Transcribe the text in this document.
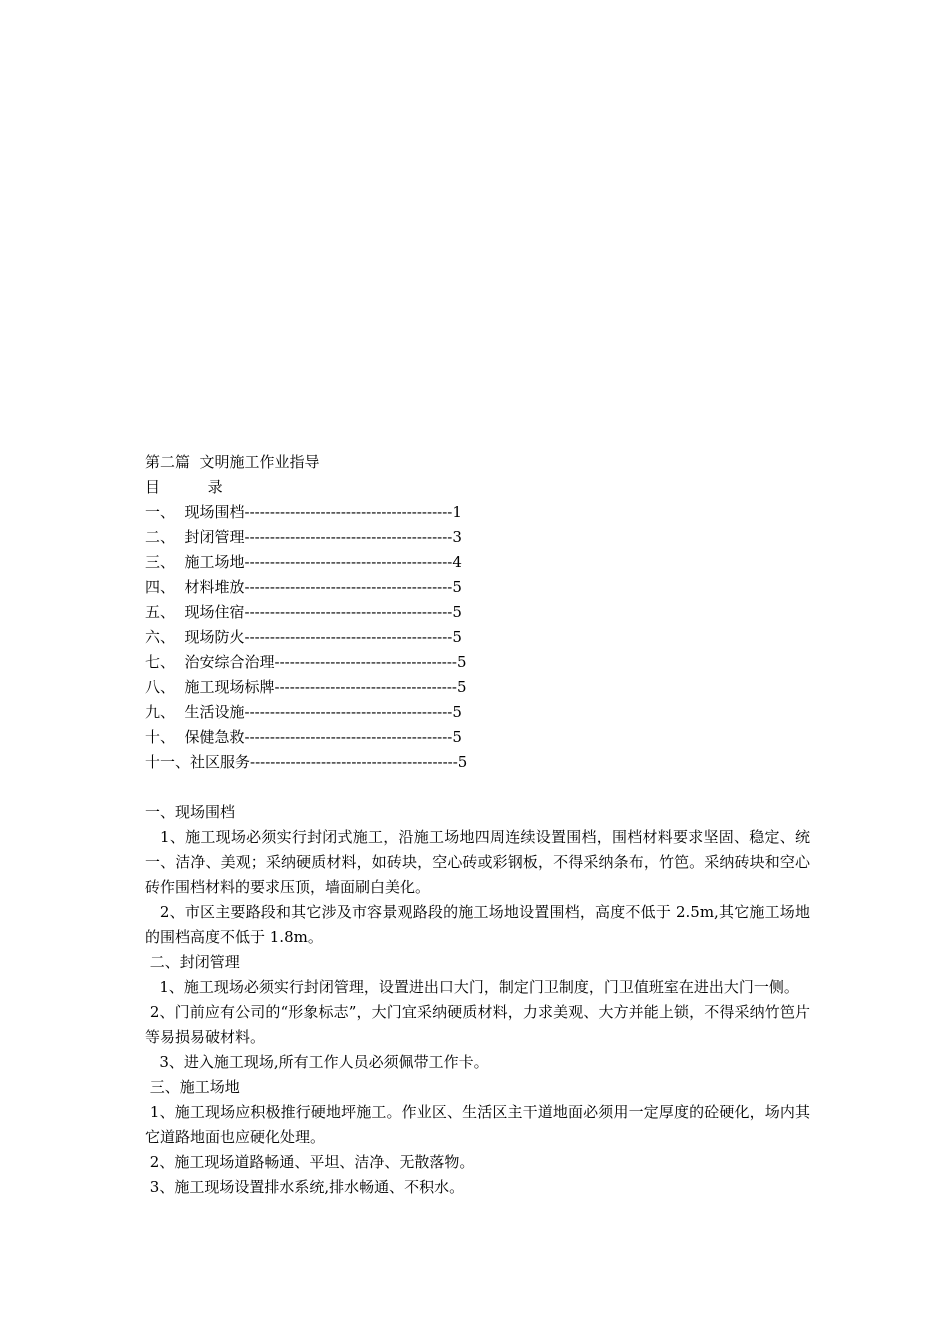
第二篇  文明施工作业指导
目          录
一、  现场围档-----------------------------------------1
二、  封闭管理-----------------------------------------3
三、  施工场地-----------------------------------------4
四、  材料堆放-----------------------------------------5
五、  现场住宿-----------------------------------------5
六、  现场防火-----------------------------------------5
七、  治安综合治理------------------------------------5
八、  施工现场标牌------------------------------------5
九、  生活设施-----------------------------------------5
十、  保健急救-----------------------------------------5
十一、社区服务-----------------------------------------5
一、现场围档
1、施工现场必须实行封闭式施工，沿施工场地四周连续设置围档，围档材料要求坚固、稳定、统一、洁净、美观；采纳硬质材料，如砖块，空心砖或彩钢板，不得采纳条布，竹笆。采纳砖块和空心砖作围档材料的要求压顶，墙面刷白美化。
2、市区主要路段和其它涉及市容景观路段的施工场地设置围档，高度不低于 2.5m,其它施工场地的围档高度不低于 1.8m。
二、封闭管理
1、施工现场必须实行封闭管理，设置进出口大门，制定门卫制度，门卫值班室在进出大门一侧。
2、门前应有公司的“形象标志”，大门宜采纳硬质材料，力求美观、大方并能上锁，不得采纳竹笆片等易损易破材料。
3、进入施工现场,所有工作人员必须佩带工作卡。
三、施工场地
1、施工现场应积极推行硬地坪施工。作业区、生活区主干道地面必须用一定厚度的砼硬化，场内其它道路地面也应硬化处理。
2、施工现场道路畅通、平坦、洁净、无散落物。
3、施工现场设置排水系统,排水畅通、不积水。
